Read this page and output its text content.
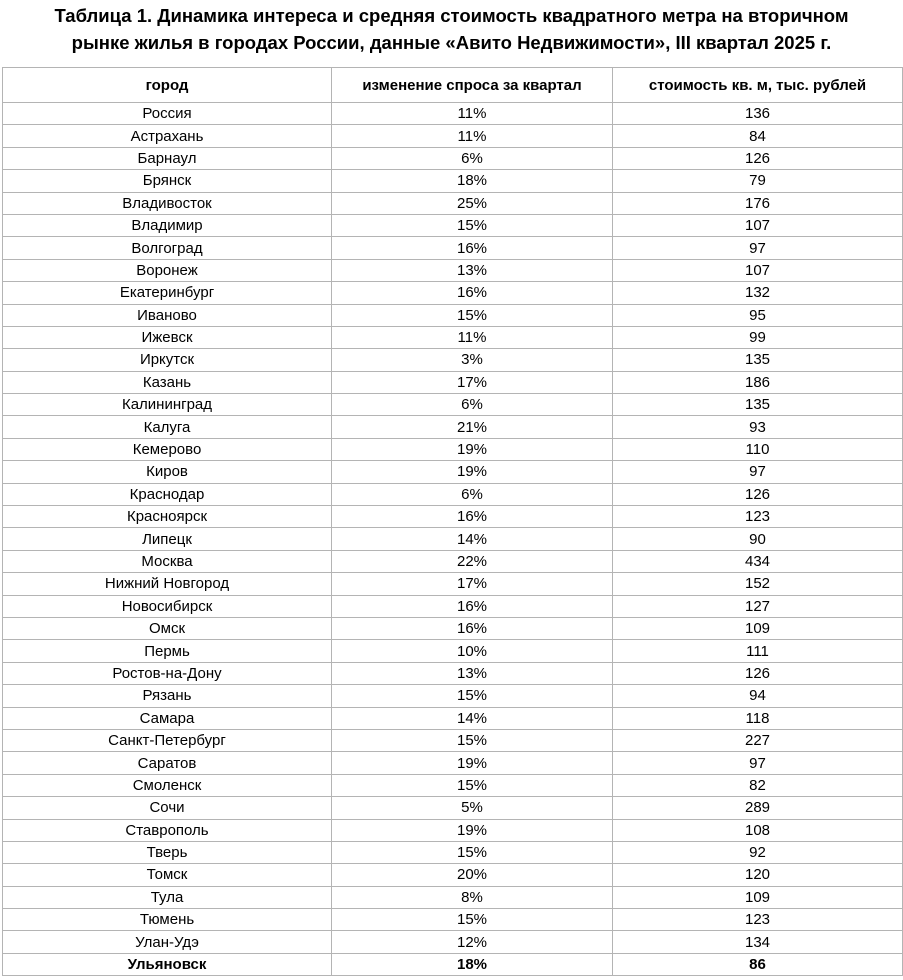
Таблица 1. Динамика интереса и средняя стоимость квадратного метра на вторичном
рынке жилья в городах России, данные «Авито Недвижимости», III квартал 2025 г.
город	изменение спроса за квартал	стоимость кв. м, тыс. рублей
Россия	11%	136
Астрахань	11%	84
Барнаул	6%	126
Брянск	18%	79
Владивосток	25%	176
Владимир	15%	107
Волгоград	16%	97
Воронеж	13%	107
Екатеринбург	16%	132
Иваново	15%	95
Ижевск	11%	99
Иркутск	3%	135
Казань	17%	186
Калининград	6%	135
Калуга	21%	93
Кемерово	19%	110
Киров	19%	97
Краснодар	6%	126
Красноярск	16%	123
Липецк	14%	90
Москва	22%	434
Нижний Новгород	17%	152
Новосибирск	16%	127
Омск	16%	109
Пермь	10%	111
Ростов-на-Дону	13%	126
Рязань	15%	94
Самара	14%	118
Санкт-Петербург	15%	227
Саратов	19%	97
Смоленск	15%	82
Сочи	5%	289
Ставрополь	19%	108
Тверь	15%	92
Томск	20%	120
Тула	8%	109
Тюмень	15%	123
Улан-Удэ	12%	134
Ульяновск	18%	86
